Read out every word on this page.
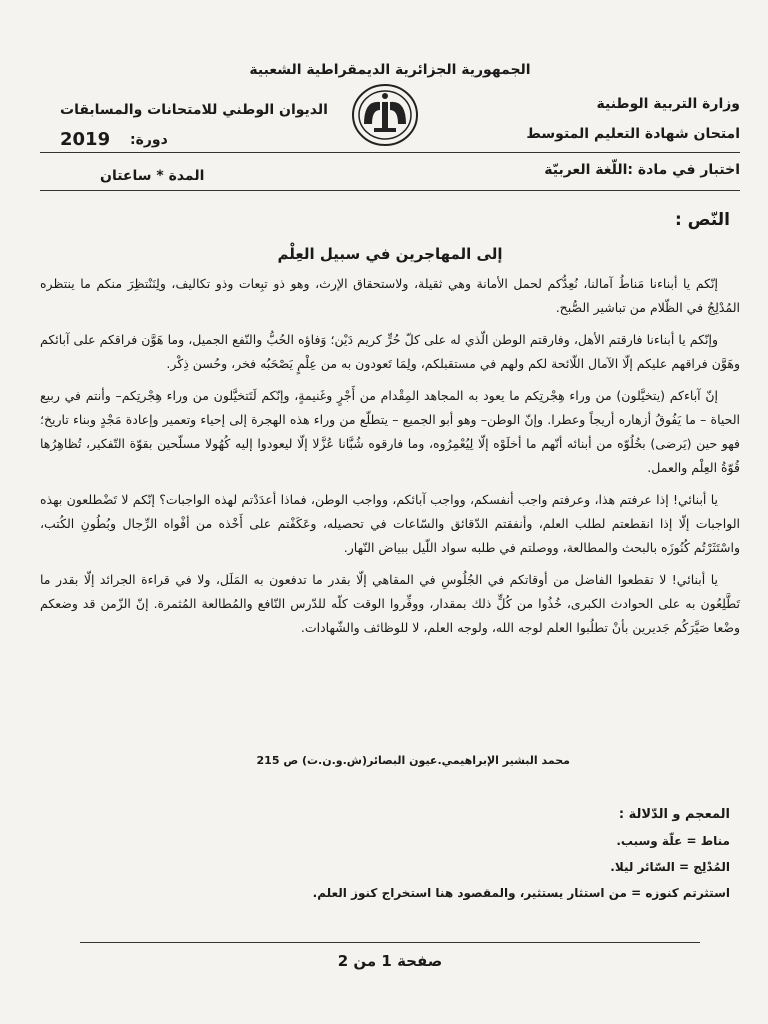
الجمهورية الجزائرية الديمقراطية الشعبية
وزارة التربية الوطنية
الديوان الوطني للامتحانات والمسابقات
امتحان شهادة التعليم المتوسط
دورة:
2019
اختبار في مادة :اللّغة العربيّة
المدة * ساعتان
النّص :
إلى المهاجرين في سبيل العِلْم

إنّكم يا أبناءنا مَناطُ آمالنا، نُعِدُّكم لحمل الأمانة وهي ثقيلة، ولاستحقاق الإرث، وهو ذو تبِعات وذو تكاليف، ولِنَنْتظِرَ منكم ما ينتظره المُدْلِجُ في الظّلام من تباشير الصُّبح.

وإنّكم يا أبناءنا فارقتم الأهل، وفارقتم الوطن الّذي له على كلّ حُرٍّ كريم دَيْن؛ وَفاؤه الحُبُّ والنّفع الجميل، وما هَوَّن فراقكم على آبائكم وهَوَّن فراقهم عليكم إلّا الآمال اللّائحة لكم ولهم في مستقبلكم، ولِمَا تَعودون به من عِلْمٍ يَصْحَبُه فخر، وحُسن ذِكْر.

إنّ آباءكم (يتخيَّلون) من وراء هِجْرتِكم ما يعود به المجاهد المِقْدام من أَجْرٍ وغَنيمةٍ، وإنّكم لَتَتخيَّلون من وراء هِجْرتِكم– وأنتم في ربيع الحياة – ما يَفُوقُ أزهاره أريجاً وعطرا. وإنّ الوطن– وهو أبو الجميع – يتطلّع من وراء هذه الهجرة إلى إحياء وتعمير وإعادة مَجْدٍ وبناء تاريخ؛ فهو حين (يَرضى) بخُلُوّه من أبنائه أنّهم ما أخلَوْه إلّا لِيُعْمِرُوه، وما فارقوه شُبَّانا عُزَّلا إلّا ليعودوا إليه كُهُولا مسلّحين بقوّة التّفكير، تُظاهِرُها قُوّةُ العِلْم والعمل.

يا أبنائي! إذا عرفتم هذا، وعرفتم واجب أنفسكم، وواجب آبائكم، وواجب الوطن، فماذا أعدَدْتم لهذه الواجبات؟ إنّكم لا تَضْطلعون بهذه الواجبات إلّا إذا انقطعتم لطلب العلم، وأنفقتم الدّقائق والسّاعات في تحصيله، وعَكَفْتم على أَخْذه من أفْواه الرِّجال وبُطُونِ الكُتب، واسْتَثَرْتُم كُنُوزَه بالبحث والمطالعة، ووصلتم في طلبه سواد اللّيل ببياض النّهار.

يا أبنائي! لا تقطعوا الفاضل من أوقاتكم في الجُلُوسِ في المقاهي إلّا بقدر ما تدفعون به المَلَل، ولا في قراءة الجرائد إلّا بقدر ما تَطَّلِعُون به على الحوادث الكبرى، خُذُوا من كُلٍّ ذلك بمقدار، ووفِّروا الوقت كلّه للدّرس النّافع والمُطالعة المُثمرة. إنّ الزّمن قد وضعكم وضْعا صَيَّرَكُم جَديرين بأنْ تطلُبوا العلم لوجه الله، ولوجه العلم، لا للوظائف والشّهادات.

محمد البشير الإبراهيمي.عيون البصائر(ش.و.ن.ت) ص 215
المعجم و الدّلالة :
مناط = علّة وسبب.
المُدْلِج = السّائر ليلا.
استثرتم كنوزه = من استثار يستثير، والمقصود هنا استخراج كنوز العلم.
صفحة 1 من 2
